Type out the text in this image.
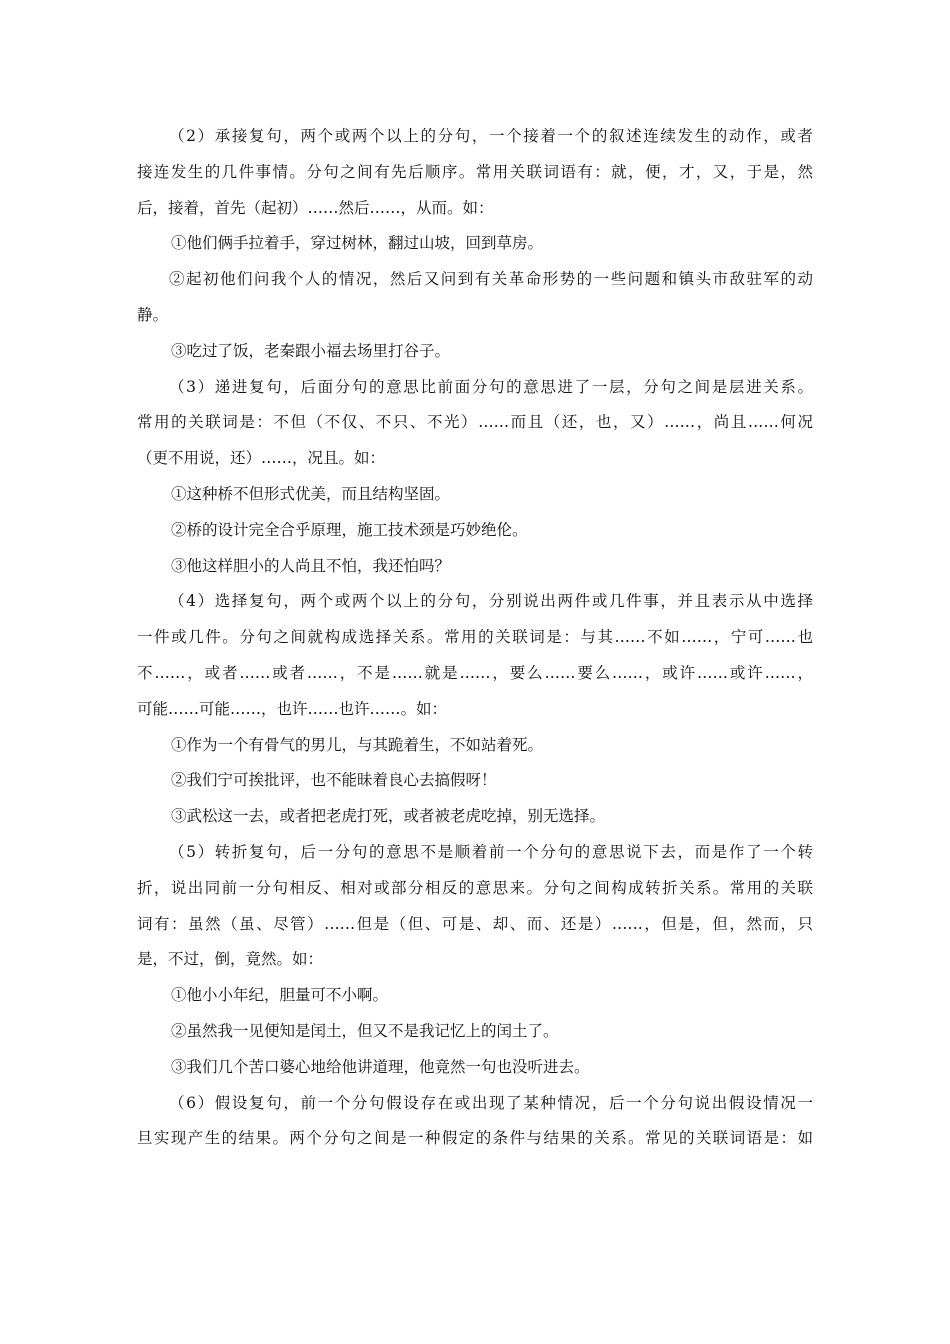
（2）承接复句，两个或两个以上的分句，一个接着一个的叙述连续发生的动作，或者
接连发生的几件事情。分句之间有先后顺序。常用关联词语有：就，便，才，又，于是，然
后，接着，首先（起初）……然后……，从而。如：
①他们俩手拉着手，穿过树林，翻过山坡，回到草房。
②起初他们问我个人的情况，然后又问到有关革命形势的一些问题和镇头市敌驻军的动
静。
③吃过了饭，老秦跟小福去场里打谷子。
（3）递进复句，后面分句的意思比前面分句的意思进了一层，分句之间是层进关系。
常用的关联词是：不但（不仅、不只、不光）……而且（还，也，又）……，尚且……何况
（更不用说，还）……，况且。如：
①这种桥不但形式优美，而且结构坚固。
②桥的设计完全合乎原理，施工技术颈是巧妙绝伦。
③他这样胆小的人尚且不怕，我还怕吗？
（4）选择复句，两个或两个以上的分句，分别说出两件或几件事，并且表示从中选择
一件或几件。分句之间就构成选择关系。常用的关联词是：与其……不如……，宁可……也
不……，或者……或者……，不是……就是……，要么……要么……，或许……或许……，
可能……可能……，也许……也许……。如：
①作为一个有骨气的男儿，与其跪着生，不如站着死。
②我们宁可挨批评，也不能昧着良心去搞假呀！
③武松这一去，或者把老虎打死，或者被老虎吃掉，别无选择。
（5）转折复句，后一分句的意思不是顺着前一个分句的意思说下去，而是作了一个转
折，说出同前一分句相反、相对或部分相反的意思来。分句之间构成转折关系。常用的关联
词有：虽然（虽、尽管）……但是（但、可是、却、而、还是）……，但是，但，然而，只
是，不过，倒，竟然。如：
①他小小年纪，胆量可不小啊。
②虽然我一见便知是闰土，但又不是我记忆上的闰土了。
③我们几个苦口婆心地给他讲道理，他竟然一句也没听进去。
（6）假设复句，前一个分句假设存在或出现了某种情况，后一个分句说出假设情况一
旦实现产生的结果。两个分句之间是一种假定的条件与结果的关系。常见的关联词语是：如
